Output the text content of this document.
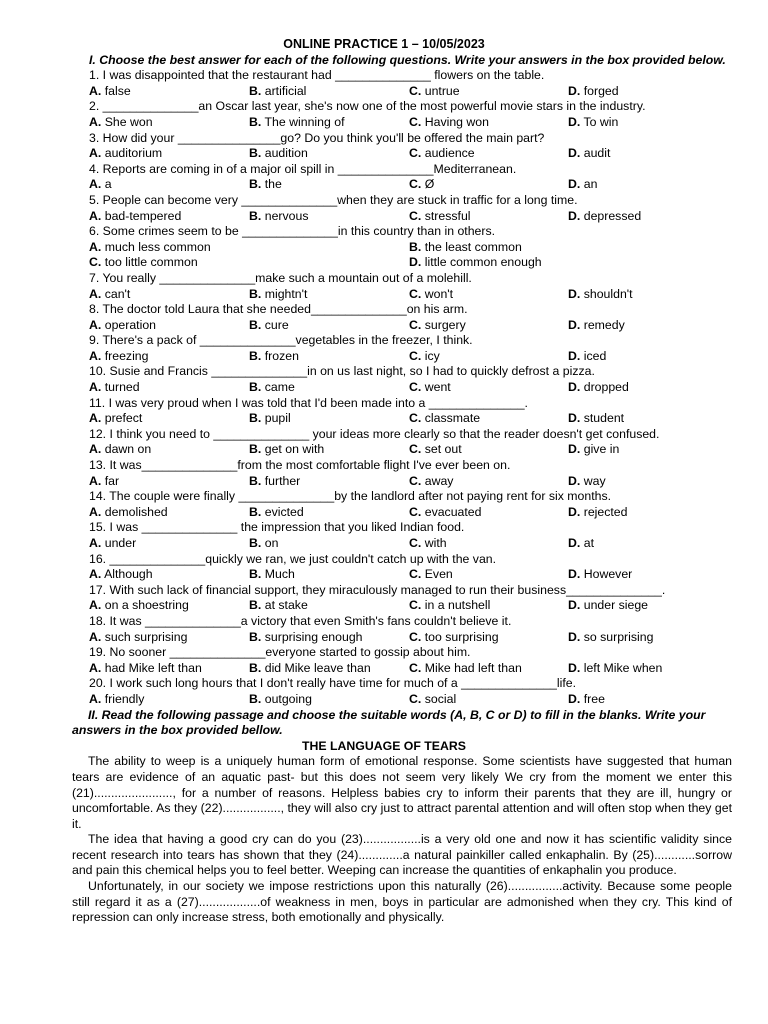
ONLINE PRACTICE 1 – 10/05/2023
I. Choose the best answer for each of the following questions. Write your answers in the box provided below.
1. I was disappointed that the restaurant had ______________ flowers on the table.
A. false	B. artificial	C. untrue	D. forged
2. ______________an Oscar last year, she's now one of the most powerful movie stars in the industry.
A. She won	B. The winning of	C. Having won	D. To win
3. How did your _______________go? Do you think you'll be offered the main part?
A. auditorium	B. audition	C. audience	D. audit
4. Reports are coming in of a major oil spill in ______________Mediterranean.
A. a	B. the	C. Ø	D. an
5. People can become very ______________when they are stuck in traffic for a long time.
A. bad-tempered	B. nervous	C. stressful	D. depressed
6. Some crimes seem to be ______________in this country than in others.
A. much less common	B. the least common
C. too little common	D. little common enough
7. You really ______________make such a mountain out of a molehill.
A. can't	B. mightn't	C. won't	D. shouldn't
8. The doctor told Laura that she needed______________on his arm.
A. operation	B. cure	C. surgery	D. remedy
9. There's a pack of ______________vegetables in the freezer, I think.
A. freezing	B. frozen	C. icy	D. iced
10. Susie and Francis ______________in on us last night, so I had to quickly defrost a pizza.
A. turned	B. came	C. went	D. dropped
11. I was very proud when I was told that I'd been made into a ______________.
A. prefect	B. pupil	C. classmate	D. student
12. I think you need to ______________ your ideas more clearly so that the reader doesn't get confused.
A. dawn on	B. get on with	C. set out	D. give in
13. It was______________from the most comfortable flight I've ever been on.
A. far	B. further	C. away	D. way
14. The couple were finally ______________by the landlord after not paying rent for six months.
A. demolished	B. evicted	C. evacuated	D. rejected
15. I was ______________ the impression that you liked Indian food.
A. under	B. on	C. with	D. at
16. ______________quickly we ran, we just couldn't catch up with the van.
A. Although	B. Much	C. Even	D. However
17. With such lack of financial support, they miraculously managed to run their business______________.
A. on a shoestring	B. at stake	C. in a nutshell	D. under siege
18. It was ______________a victory that even Smith's fans couldn't believe it.
A. such surprising	B. surprising enough	C. too surprising	D. so surprising
19. No sooner ______________everyone started to gossip about him.
A. had Mike left than	B. did Mike leave than	C. Mike had left than	D. left Mike when
20. I work such long hours that I don't really have time for much of a ______________life.
A. friendly	B. outgoing	C. social	D. free
II. Read the following passage and choose the suitable words (A, B, C or D) to fill in the blanks. Write your answers in the box provided bellow.
THE LANGUAGE OF TEARS

The ability to weep is a uniquely human form of emotional response. Some scientists have suggested that human tears are evidence of an aquatic past- but this does not seem very likely We cry from the moment we enter this (21)......................., for a number of reasons. Helpless babies cry to inform their parents that they are ill, hungry or uncomfortable. As they (22)................., they will also cry just to attract parental attention and will often stop when they get it.

The idea that having a good cry can do you (23).................is a very old one and now it has scientific validity since recent research into tears has shown that they (24).............a natural painkiller called enkaphalin. By (25)............sorrow and pain this chemical helps you to feel better. Weeping can increase the quantities of enkaphalin you produce.

Unfortunately, in our society we impose restrictions upon this naturally (26)................activity. Because some people still regard it as a (27)..................of weakness in men, boys in particular are admonished when they cry. This kind of repression can only increase stress, both emotionally and physically.
